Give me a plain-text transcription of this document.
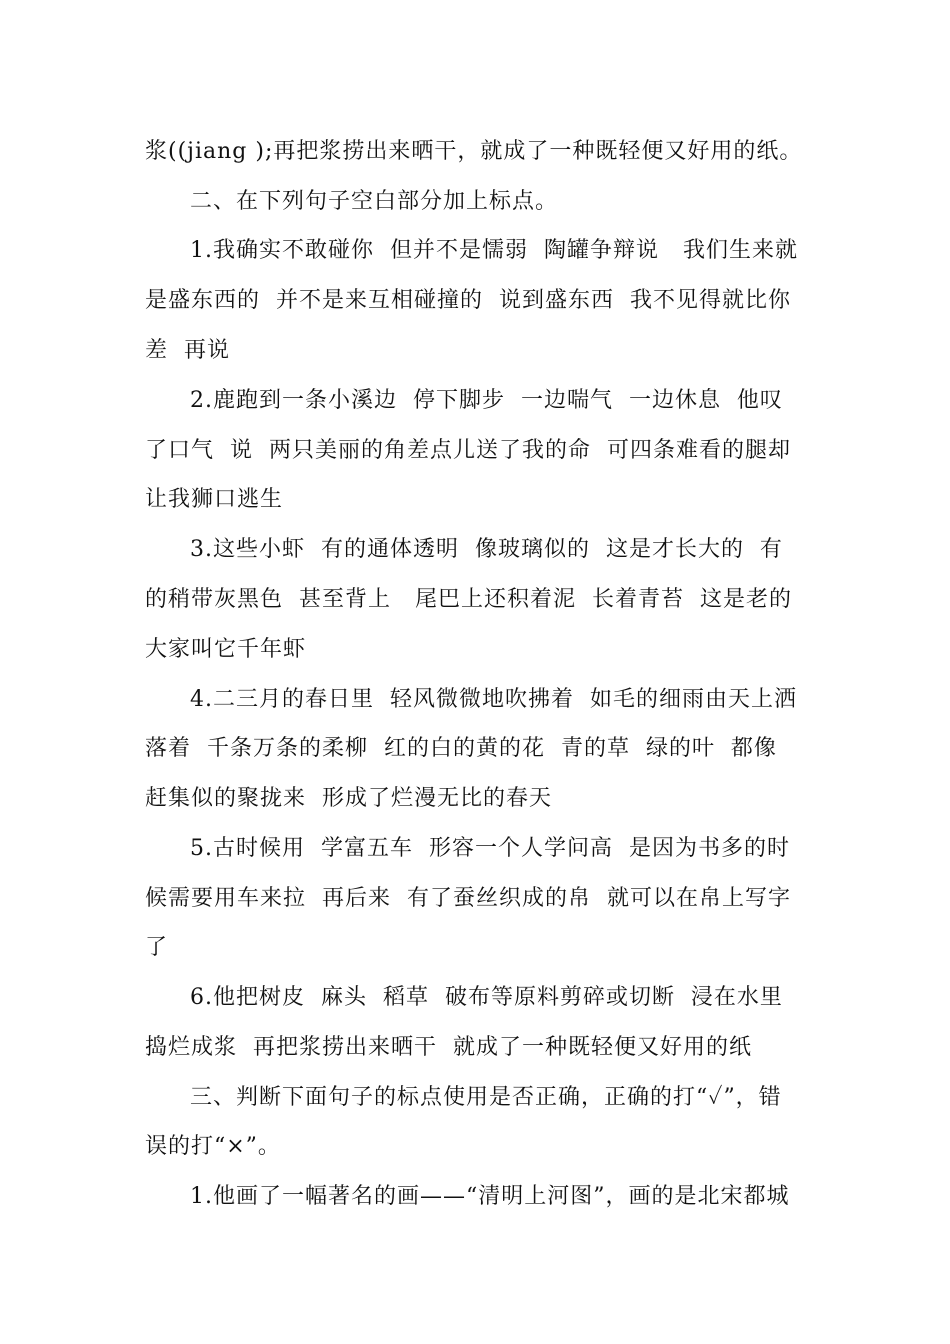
浆((jiang );再把浆捞出来晒干，就成了一种既轻便又好用的纸。
二、在下列句子空白部分加上标点。
1.我确实不敢碰你  但并不是懦弱  陶罐争辩说   我们生来就
是盛东西的  并不是来互相碰撞的  说到盛东西  我不见得就比你
差  再说
2.鹿跑到一条小溪边  停下脚步  一边喘气  一边休息  他叹
了口气  说  两只美丽的角差点儿送了我的命  可四条难看的腿却
让我狮口逃生
3.这些小虾  有的通体透明  像玻璃似的  这是才长大的  有
的稍带灰黑色  甚至背上   尾巴上还积着泥  长着青苔  这是老的
大家叫它千年虾
4.二三月的春日里  轻风微微地吹拂着  如毛的细雨由天上洒
落着  千条万条的柔柳  红的白的黄的花  青的草  绿的叶  都像
赶集似的聚拢来  形成了烂漫无比的春天
5.古时候用  学富五车  形容一个人学问高  是因为书多的时
候需要用车来拉  再后来  有了蚕丝织成的帛  就可以在帛上写字
了
6.他把树皮  麻头  稻草  破布等原料剪碎或切断  浸在水里
捣烂成浆  再把浆捞出来晒干  就成了一种既轻便又好用的纸
三、判断下面句子的标点使用是否正确，正确的打“✓”，错
误的打“×”。
1.他画了一幅著名的画——“清明上河图”，画的是北宋都城
